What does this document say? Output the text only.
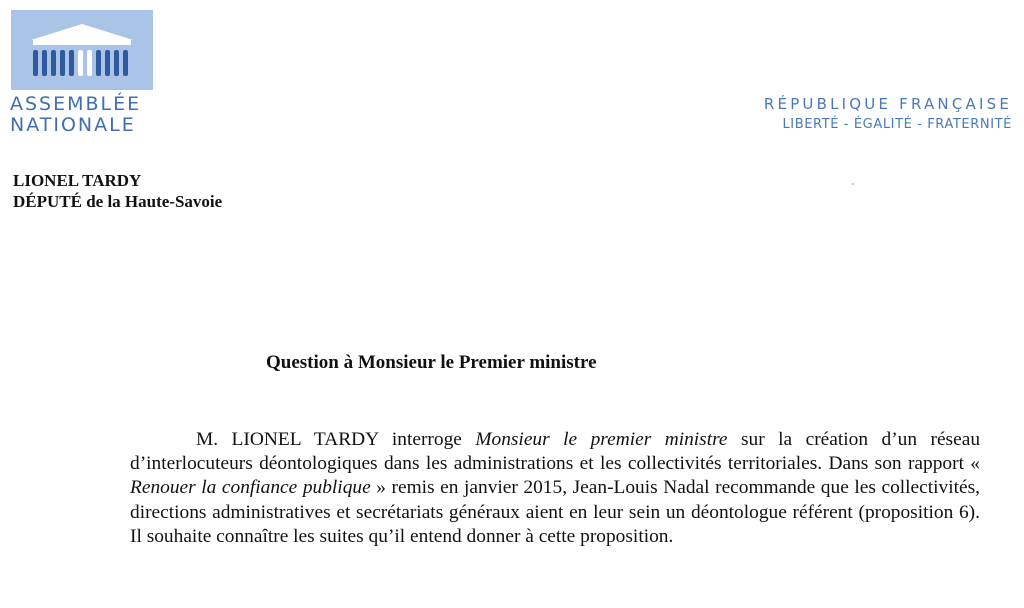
ASSEMBLÉE
NATIONALE
RÉPUBLIQUE FRANÇAISE
LIBERTÉ - ÉGALITÉ - FRATERNITÉ
LIONEL TARDY
DÉPUTÉ de la Haute-Savoie
Question à Monsieur le Premier ministre
M. LIONEL TARDY interroge Monsieur le premier ministre sur la création d’un réseau d’interlocuteurs déontologiques dans les administrations et les collectivités territoriales. Dans son rapport « Renouer la confiance publique » remis en janvier 2015, Jean-Louis Nadal recommande que les collectivités, directions administratives et secrétariats généraux aient en leur sein un déontologue référent (proposition 6). Il souhaite connaître les suites qu’il entend donner à cette proposition.
